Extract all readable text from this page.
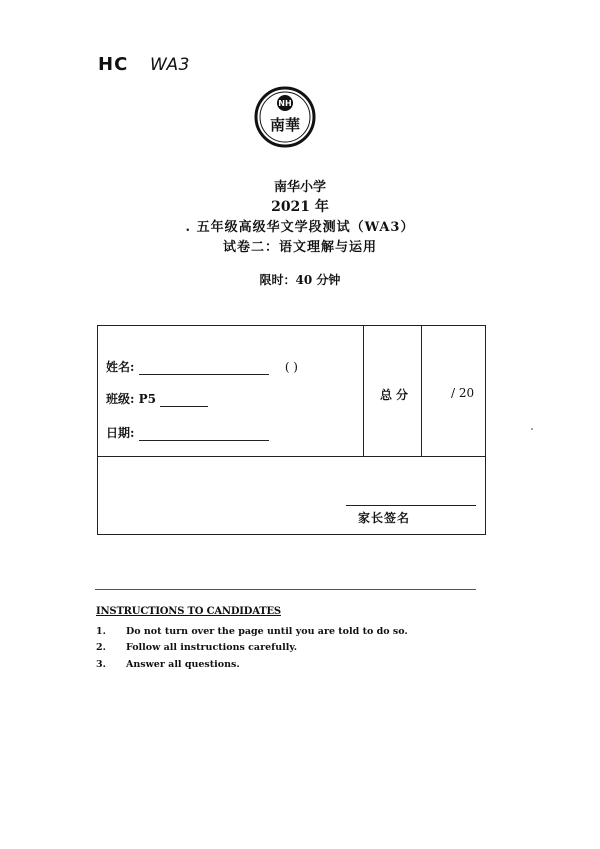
HC WA3
NH
南華
南华小学
2021 年
. 五年级高级华文学段测试（WA3）
试卷二：语文理解与运用
限时：40 分钟
姓名:	( )
班级: P5
日期:
总分	/ 20
家长签名
INSTRUCTIONS TO CANDIDATES
1. Do not turn over the page until you are told to do so.
2. Follow all instructions carefully.
3. Answer all questions.
